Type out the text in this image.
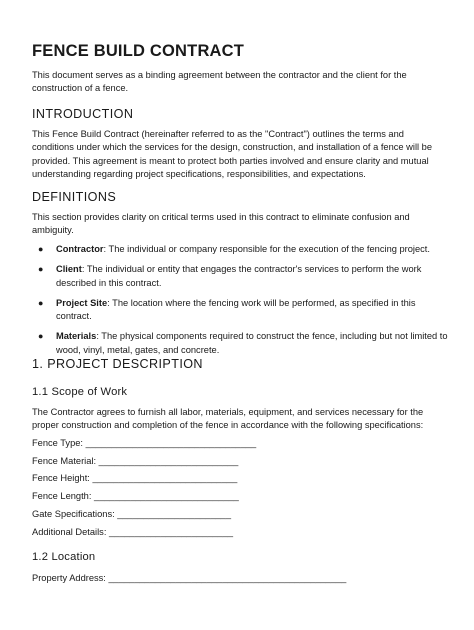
FENCE BUILD CONTRACT

This document serves as a binding agreement between the contractor and the client for the construction of a fence.

INTRODUCTION

This Fence Build Contract (hereinafter referred to as the "Contract") outlines the terms and conditions under which the services for the design, construction, and installation of a fence will be provided. This agreement is meant to protect both parties involved and ensure clarity and mutual understanding regarding project specifications, responsibilities, and expectations.

DEFINITIONS

This section provides clarity on critical terms used in this contract to eliminate confusion and ambiguity.

● Contractor: The individual or company responsible for the execution of the fencing project.
● Client: The individual or entity that engages the contractor's services to perform the work described in this contract.
● Project Site: The location where the fencing work will be performed, as specified in this contract.
● Materials: The physical components required to construct the fence, including but not limited to wood, vinyl, metal, gates, and concrete.
1. PROJECT DESCRIPTION
1.1 Scope of Work

The Contractor agrees to furnish all labor, materials, equipment, and services necessary for the proper construction and completion of the fence in accordance with the following specifications:

Fence Type: _________________________________
Fence Material: ___________________________
Fence Height: ____________________________
Fence Length: ____________________________
Gate Specifications: ______________________
Additional Details: ________________________
1.2 Location
Property Address: ______________________________________________
